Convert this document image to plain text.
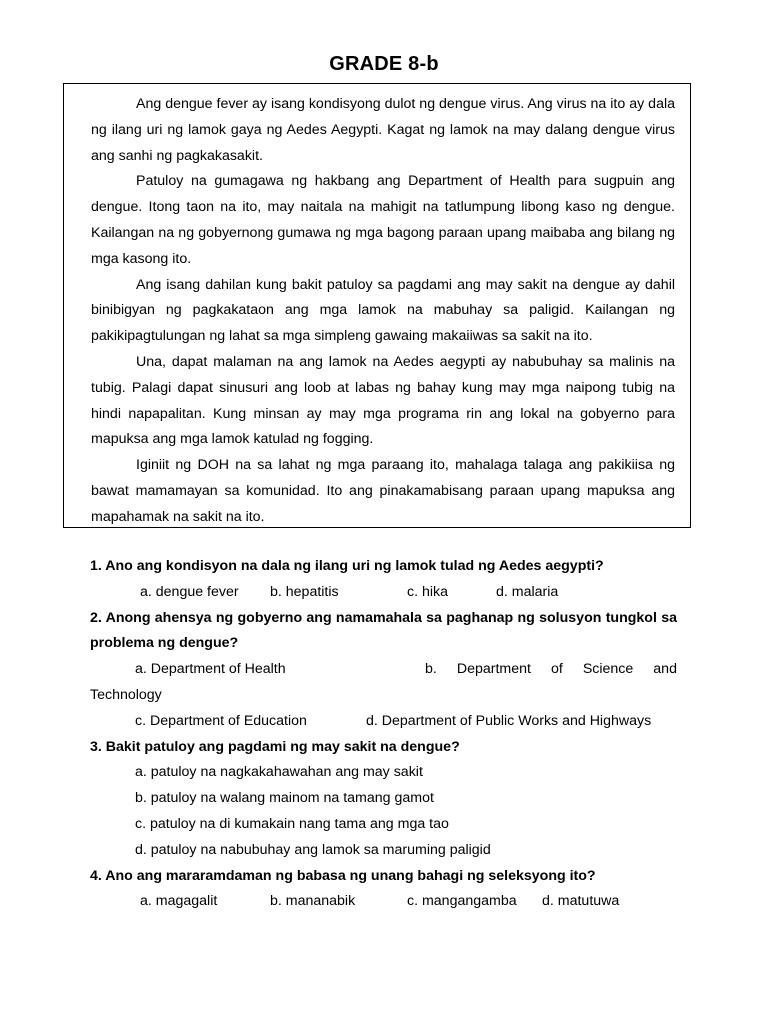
GRADE 8-b

Ang dengue fever ay isang kondisyong dulot ng dengue virus. Ang virus na ito ay dala ng ilang uri ng lamok gaya ng Aedes Aegypti. Kagat ng lamok na may dalang dengue virus ang sanhi ng pagkakasakit.

Patuloy na gumagawa ng hakbang ang Department of Health para sugpuin ang dengue. Itong taon na ito, may naitala na mahigit na tatlumpung libong kaso ng dengue. Kailangan na ng gobyernong gumawa ng mga bagong paraan upang maibaba ang bilang ng mga kasong ito.

Ang isang dahilan kung bakit patuloy sa pagdami ang may sakit na dengue ay dahil binibigyan ng pagkakataon ang mga lamok na mabuhay sa paligid. Kailangan ng pakikipagtulungan ng lahat sa mga simpleng gawaing makaiiwas sa sakit na ito.

Una, dapat malaman na ang lamok na Aedes aegypti ay nabubuhay sa malinis na tubig. Palagi dapat sinusuri ang loob at labas ng bahay kung may mga naipong tubig na hindi napapalitan. Kung minsan ay may mga programa rin ang lokal na gobyerno para mapuksa ang mga lamok katulad ng fogging.

Iginiit ng DOH na sa lahat ng mga paraang ito, mahalaga talaga ang pakikiisa ng bawat mamamayan sa komunidad. Ito ang pinakamabisang paraan upang mapuksa ang mapahamak na sakit na ito.

1. Ano ang kondisyon na dala ng ilang uri ng lamok tulad ng Aedes aegypti?
a. dengue fever b. hepatitis	c. hika	d. malaria
2. Anong ahensya ng gobyerno ang namamahala sa paghanap ng solusyon tungkol sa problema ng dengue?
a. Department of Health	b. Department of Science and
Technology
c. Department of Education	d. Department of Public Works and Highways
3. Bakit patuloy ang pagdami ng may sakit na dengue?
a. patuloy na nagkakahawahan ang may sakit
b. patuloy na walang mainom na tamang gamot
c. patuloy na di kumakain nang tama ang mga tao
d. patuloy na nabubuhay ang lamok sa maruming paligid
4. Ano ang mararamdaman ng babasa ng unang bahagi ng seleksyong ito?
a. magagalit	b. mananabik	c. mangangamba d. matutuwa
